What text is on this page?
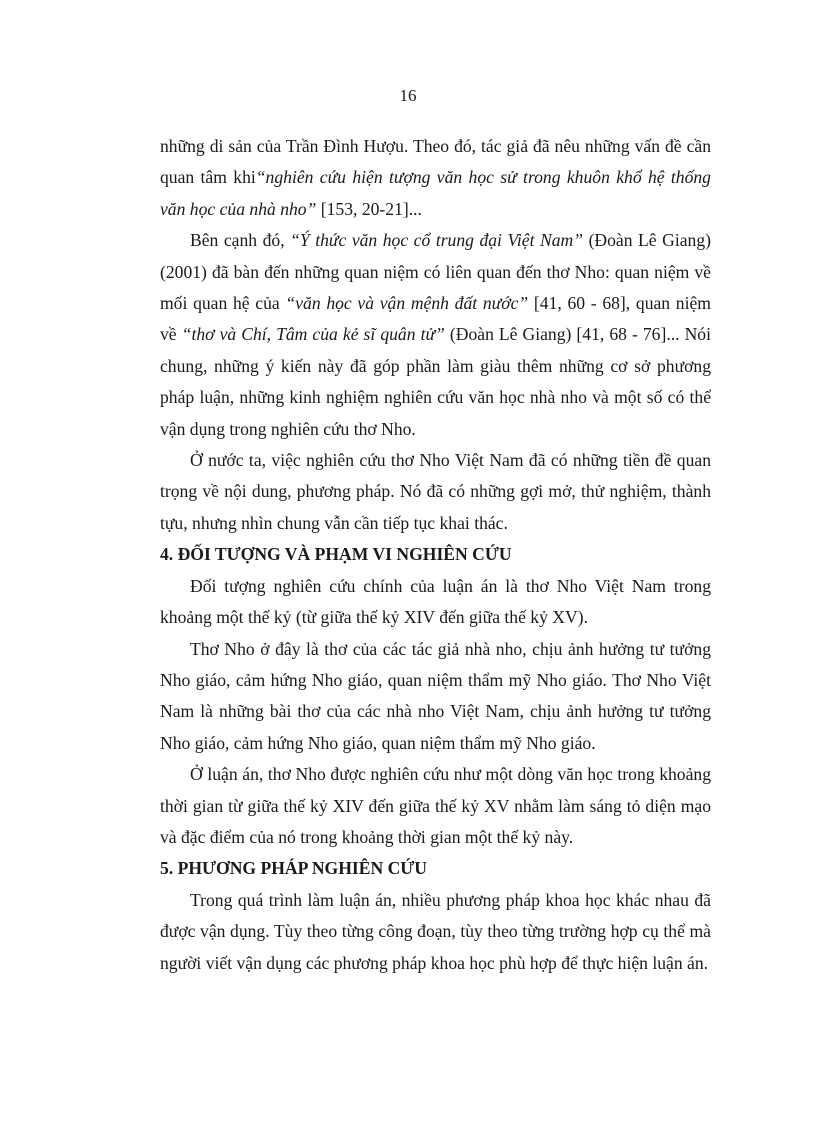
16

những di sản của Trần Đình Hượu. Theo đó, tác giả đã nêu những vấn đề cần quan tâm khi“nghiên cứu hiện tượng văn học sử trong khuôn khổ hệ thống văn học của nhà nho” [153, 20-21]...

Bên cạnh đó, “Ý thức văn học cổ trung đại Việt Nam” (Đoàn Lê Giang) (2001) đã bàn đến những quan niệm có liên quan đến thơ Nho: quan niệm về mối quan hệ của “văn học và vận mệnh đất nước” [41, 60 - 68], quan niệm về “thơ và Chí, Tâm của kẻ sĩ quân tử” (Đoàn Lê Giang) [41, 68 - 76]... Nói chung, những ý kiến này đã góp phần làm giàu thêm những cơ sở phương pháp luận, những kinh nghiệm nghiên cứu văn học nhà nho và một số có thể vận dụng trong nghiên cứu thơ Nho.

Ở nước ta, việc nghiên cứu thơ Nho Việt Nam đã có những tiền đề quan trọng về nội dung, phương pháp. Nó đã có những gợi mở, thử nghiệm, thành tựu, nhưng nhìn chung vẫn cần tiếp tục khai thác.

4. ĐỐI TƯỢNG VÀ PHẠM VI NGHIÊN CỨU

Đối tượng nghiên cứu chính của luận án là thơ Nho Việt Nam trong khoảng một thế kỷ (từ giữa thế kỷ XIV đến giữa thế kỷ XV).

Thơ Nho ở đây là thơ của các tác giả nhà nho, chịu ảnh hưởng tư tưởng Nho giáo, cảm hứng Nho giáo, quan niệm thẩm mỹ Nho giáo. Thơ Nho Việt Nam là những bài thơ của các nhà nho Việt Nam, chịu ảnh hưởng tư tưởng Nho giáo, cảm hứng Nho giáo, quan niệm thẩm mỹ Nho giáo.

Ở luận án, thơ Nho được nghiên cứu như một dòng văn học trong khoảng thời gian từ giữa thế kỷ XIV đến giữa thế kỷ XV nhằm làm sáng tỏ diện mạo và đặc điểm của nó trong khoảng thời gian một thế kỷ này.

5. PHƯƠNG PHÁP NGHIÊN CỨU

Trong quá trình làm luận án, nhiều phương pháp khoa học khác nhau đã được vận dụng. Tùy theo từng công đoạn, tùy theo từng trường hợp cụ thể mà người viết vận dụng các phương pháp khoa học phù hợp để thực hiện luận án.
